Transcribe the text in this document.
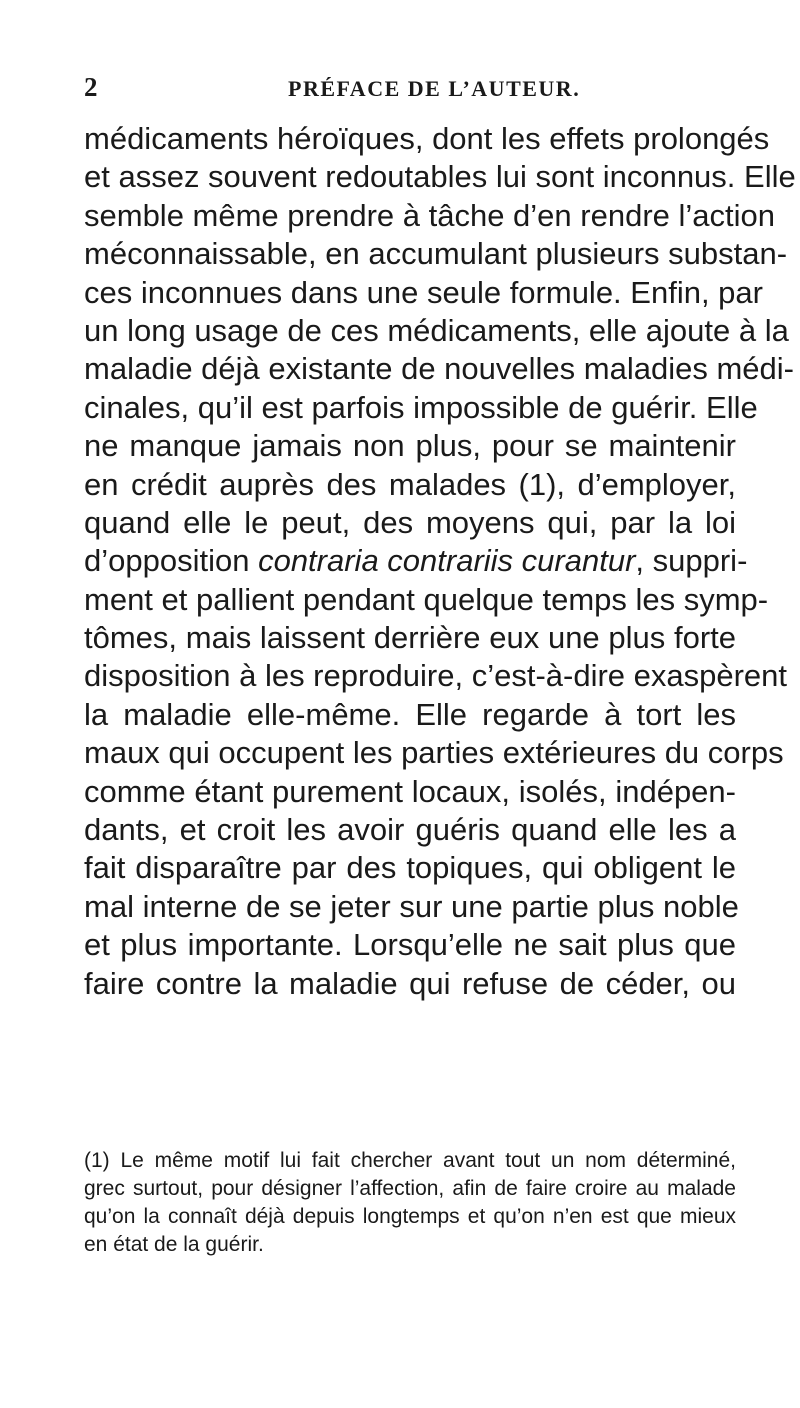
2	PRÉFACE DE L’AUTEUR.
médicaments héroïques, dont les effets prolongés
et assez souvent redoutables lui sont inconnus. Elle
semble même prendre à tâche d’en rendre l’action
méconnaissable, en accumulant plusieurs substan-
ces inconnues dans une seule formule. Enfin, par
un long usage de ces médicaments, elle ajoute à la
maladie déjà existante de nouvelles maladies médi-
cinales, qu’il est parfois impossible de guérir. Elle
ne manque jamais non plus, pour se maintenir
en crédit auprès des malades (1), d’employer,
quand elle le peut, des moyens qui, par la loi
d’opposition contraria contrariis curantur, suppri-
ment et pallient pendant quelque temps les symp-
tômes, mais laissent derrière eux une plus forte
disposition à les reproduire, c’est-à-dire exaspèrent
la maladie elle-même. Elle regarde à tort les
maux qui occupent les parties extérieures du corps
comme étant purement locaux, isolés, indépen-
dants, et croit les avoir guéris quand elle les a
fait disparaître par des topiques, qui obligent le
mal interne de se jeter sur une partie plus noble
et plus importante. Lorsqu’elle ne sait plus que
faire contre la maladie qui refuse de céder, ou
(1) Le même motif lui fait chercher avant tout un nom déterminé,
grec surtout, pour désigner l’affection, afin de faire croire au malade
qu’on la connaît déjà depuis longtemps et qu’on n’en est que mieux
en état de la guérir.
